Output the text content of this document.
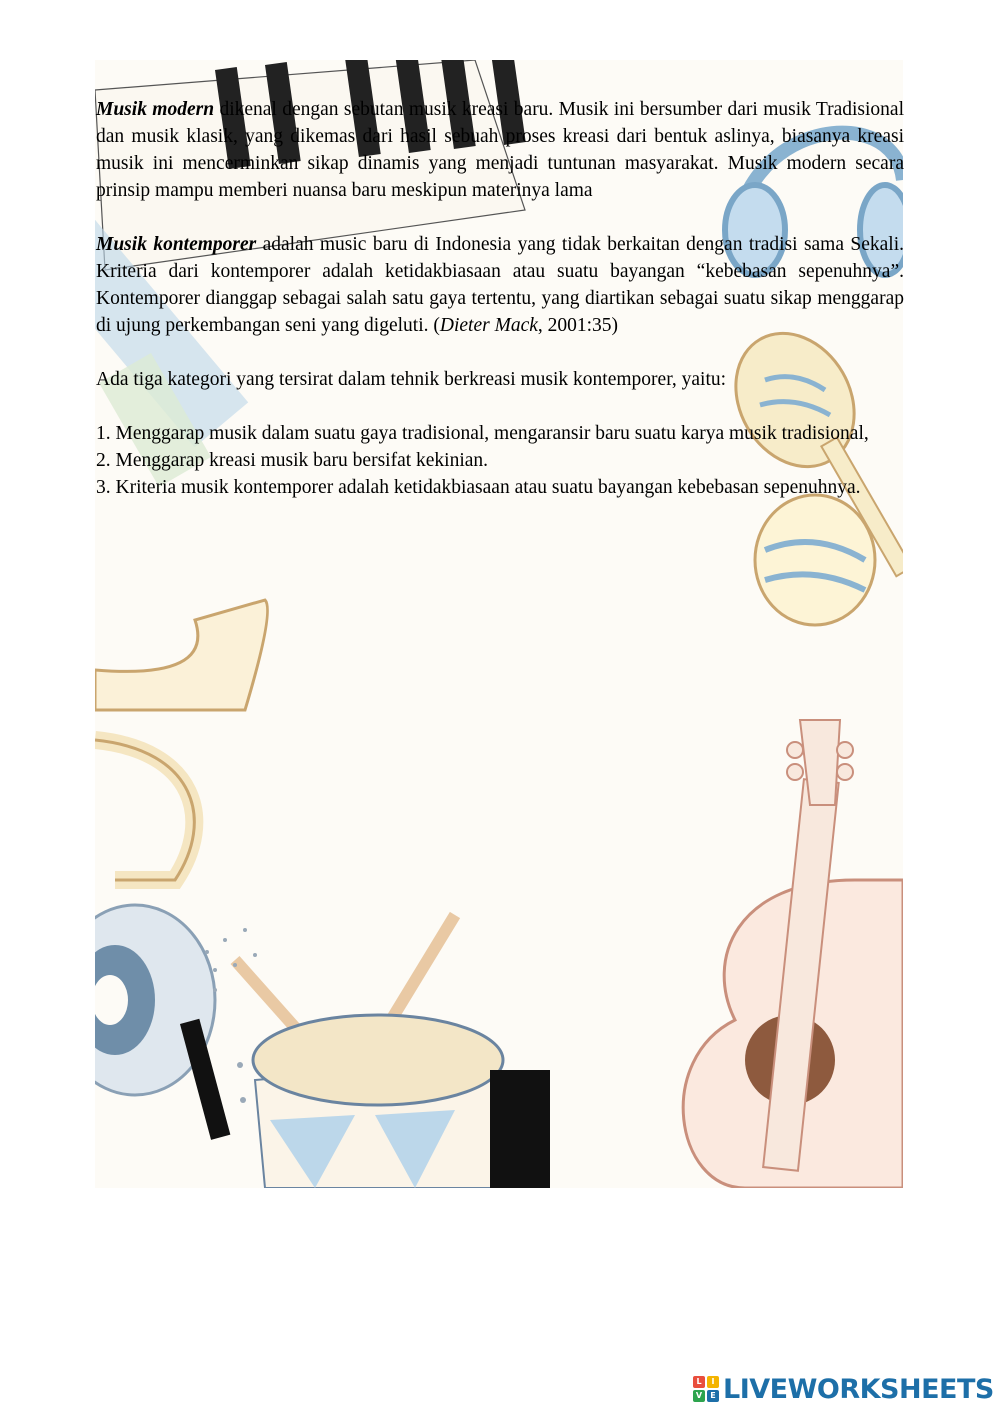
Musik modern dikenal dengan sebutan musik kreasi baru. Musik ini bersumber dari musik Tradisional dan musik klasik, yang dikemas dari hasil sebuah proses kreasi dari bentuk aslinya, biasanya kreasi musik ini mencerminkan sikap dinamis yang menjadi tuntunan masyarakat. Musik modern secara prinsip mampu memberi nuansa baru meskipun materinya lama

Musik kontemporer adalah music baru di Indonesia yang tidak berkaitan dengan tradisi sama Sekali. Kriteria dari kontemporer adalah ketidakbiasaan atau suatu bayangan “kebebasan sepenuhnya”. Kontemporer dianggap sebagai salah satu gaya tertentu, yang diartikan sebagai suatu sikap menggarap di ujung perkembangan seni yang digeluti. (Dieter Mack, 2001:35)

Ada tiga kategori yang tersirat dalam tehnik berkreasi musik kontemporer, yaitu:

1. Menggarap musik dalam suatu gaya tradisional, mengaransir baru suatu karya musik tradisional,

2. Menggarap kreasi musik baru bersifat kekinian.

3. Kriteria musik kontemporer adalah ketidakbiasaan atau suatu bayangan kebebasan sepenuhnya.

L	I
V	E LIVEWORKSHEETS
